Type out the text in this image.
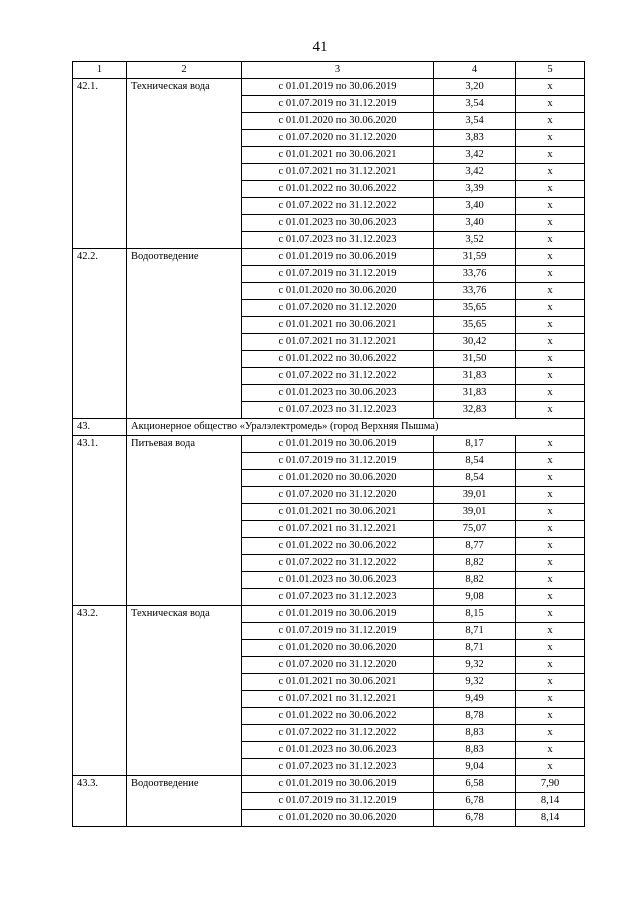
41
1	2	3	4	5
42.1.	Техническая вода	с 01.01.2019 по 30.06.2019	3,20	х
		с 01.07.2019 по 31.12.2019	3,54	х
		с 01.01.2020 по 30.06.2020	3,54	х
		с 01.07.2020 по 31.12.2020	3,83	х
		с 01.01.2021 по 30.06.2021	3,42	х
		с 01.07.2021 по 31.12.2021	3,42	х
		с 01.01.2022 по 30.06.2022	3,39	х
		с 01.07.2022 по 31.12.2022	3,40	х
		с 01.01.2023 по 30.06.2023	3,40	х
		с 01.07.2023 по 31.12.2023	3,52	х
42.2.	Водоотведение	с 01.01.2019 по 30.06.2019	31,59	х
		с 01.07.2019 по 31.12.2019	33,76	х
		с 01.01.2020 по 30.06.2020	33,76	х
		с 01.07.2020 по 31.12.2020	35,65	х
		с 01.01.2021 по 30.06.2021	35,65	х
		с 01.07.2021 по 31.12.2021	30,42	х
		с 01.01.2022 по 30.06.2022	31,50	х
		с 01.07.2022 по 31.12.2022	31,83	х
		с 01.01.2023 по 30.06.2023	31,83	х
		с 01.07.2023 по 31.12.2023	32,83	х
43.	Акционерное общество «Уралэлектромедь» (город Верхняя Пышма)			
43.1.	Питьевая вода	с 01.01.2019 по 30.06.2019	8,17	х
		с 01.07.2019 по 31.12.2019	8,54	х
		с 01.01.2020 по 30.06.2020	8,54	х
		с 01.07.2020 по 31.12.2020	39,01	х
		с 01.01.2021 по 30.06.2021	39,01	х
		с 01.07.2021 по 31.12.2021	75,07	х
		с 01.01.2022 по 30.06.2022	8,77	х
		с 01.07.2022 по 31.12.2022	8,82	х
		с 01.01.2023 по 30.06.2023	8,82	х
		с 01.07.2023 по 31.12.2023	9,08	х
43.2.	Техническая вода	с 01.01.2019 по 30.06.2019	8,15	х
		с 01.07.2019 по 31.12.2019	8,71	х
		с 01.01.2020 по 30.06.2020	8,71	х
		с 01.07.2020 по 31.12.2020	9,32	х
		с 01.01.2021 по 30.06.2021	9,32	х
		с 01.07.2021 по 31.12.2021	9,49	х
		с 01.01.2022 по 30.06.2022	8,78	х
		с 01.07.2022 по 31.12.2022	8,83	х
		с 01.01.2023 по 30.06.2023	8,83	х
		с 01.07.2023 по 31.12.2023	9,04	х
43.3.	Водоотведение	с 01.01.2019 по 30.06.2019	6,58	7,90
		с 01.07.2019 по 31.12.2019	6,78	8,14
		с 01.01.2020 по 30.06.2020	6,78	8,14
